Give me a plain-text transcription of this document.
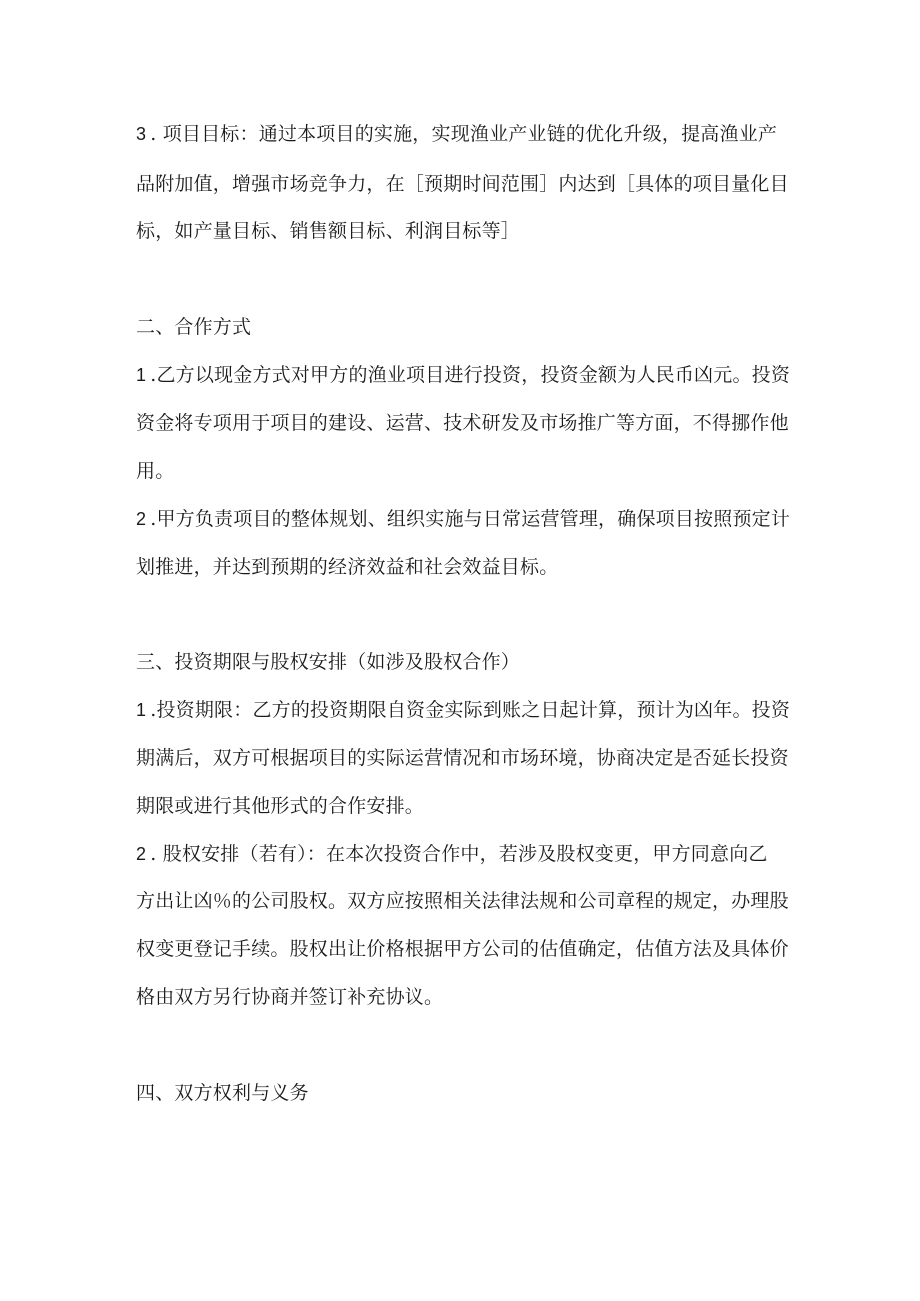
3 . 项目目标：通过本项目的实施，实现渔业产业链的优化升级，提高渔业产
品附加值，增强市场竞争力，在［预期时间范围］内达到［具体的项目量化目
标，如产量目标、销售额目标、利润目标等］
二、合作方式
1 .乙方以现金方式对甲方的渔业项目进行投资，投资金额为人民币凶元。投资
资金将专项用于项目的建设、运营、技术研发及市场推广等方面，不得挪作他
用。
2 .甲方负责项目的整体规划、组织实施与日常运营管理，确保项目按照预定计
划推进，并达到预期的经济效益和社会效益目标。
三、投资期限与股权安排（如涉及股权合作）
1 .投资期限：乙方的投资期限自资金实际到账之日起计算，预计为凶年。投资
期满后，双方可根据项目的实际运营情况和市场环境，协商决定是否延长投资
期限或进行其他形式的合作安排。
2 . 股权安排（若有）：在本次投资合作中，若涉及股权变更，甲方同意向乙
方出让凶％的公司股权。双方应按照相关法律法规和公司章程的规定，办理股
权变更登记手续。股权出让价格根据甲方公司的估值确定，估值方法及具体价
格由双方另行协商并签订补充协议。
四、双方权利与义务
